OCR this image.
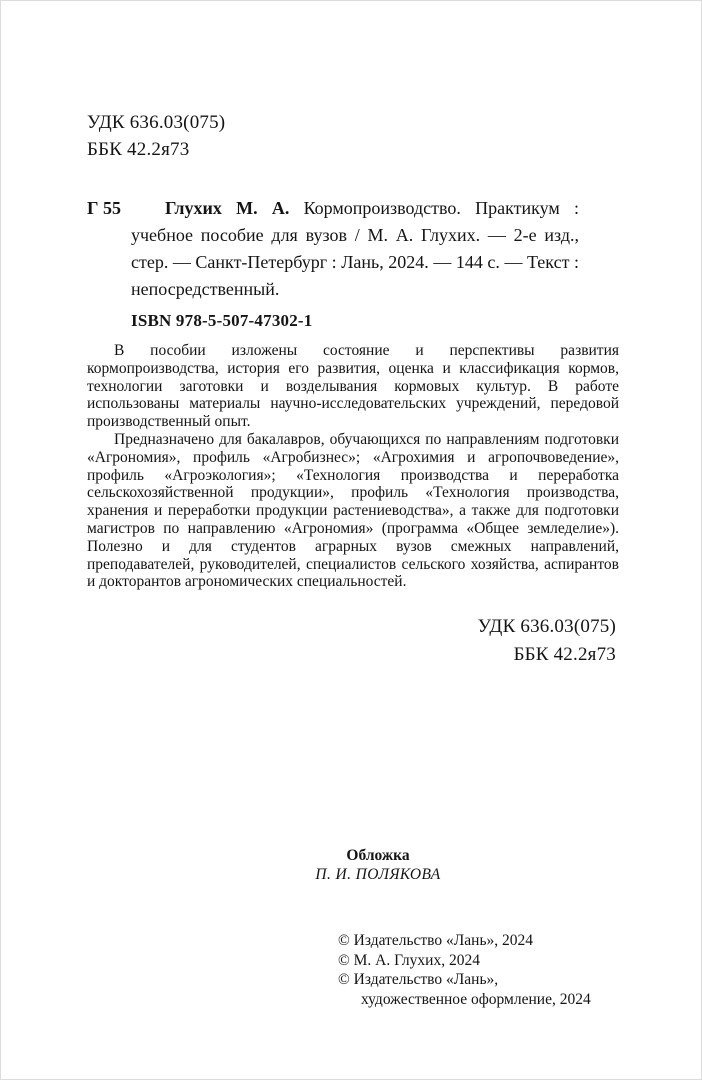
УДК 636.03(075)
ББК 42.2я73
Г 55	Глухих М. А. Кормопроизводство. Практикум : учебное пособие для вузов / М. А. Глухих. — 2-е изд., стер. — Санкт-Петербург : Лань, 2024. — 144 с. — Текст : непосредственный.

ISBN 978-5-507-47302-1

В пособии изложены состояние и перспективы развития кормопроизводства, история его развития, оценка и классификация кормов, технологии заготовки и возделывания кормовых культур. В работе использованы материалы научно-исследовательских учреждений, передовой производственный опыт.

Предназначено для бакалавров, обучающихся по направлениям подготовки «Агрономия», профиль «Агробизнес»; «Агрохимия и агропочвоведение», профиль «Агроэкология»; «Технология производства и переработка сельскохозяйственной продукции», профиль «Технология производства, хранения и переработки продукции растениеводства», а также для подготовки магистров по направлению «Агрономия» (программа «Общее земледелие»). Полезно и для студентов аграрных вузов смежных направлений, преподавателей, руководителей, специалистов сельского хозяйства, аспирантов и докторантов агрономических специальностей.

УДК 636.03(075)
ББК 42.2я73
Обложка
П. И. ПОЛЯКОВА
© Издательство «Лань», 2024
© М. А. Глухих, 2024
© Издательство «Лань»,
художественное оформление, 2024
